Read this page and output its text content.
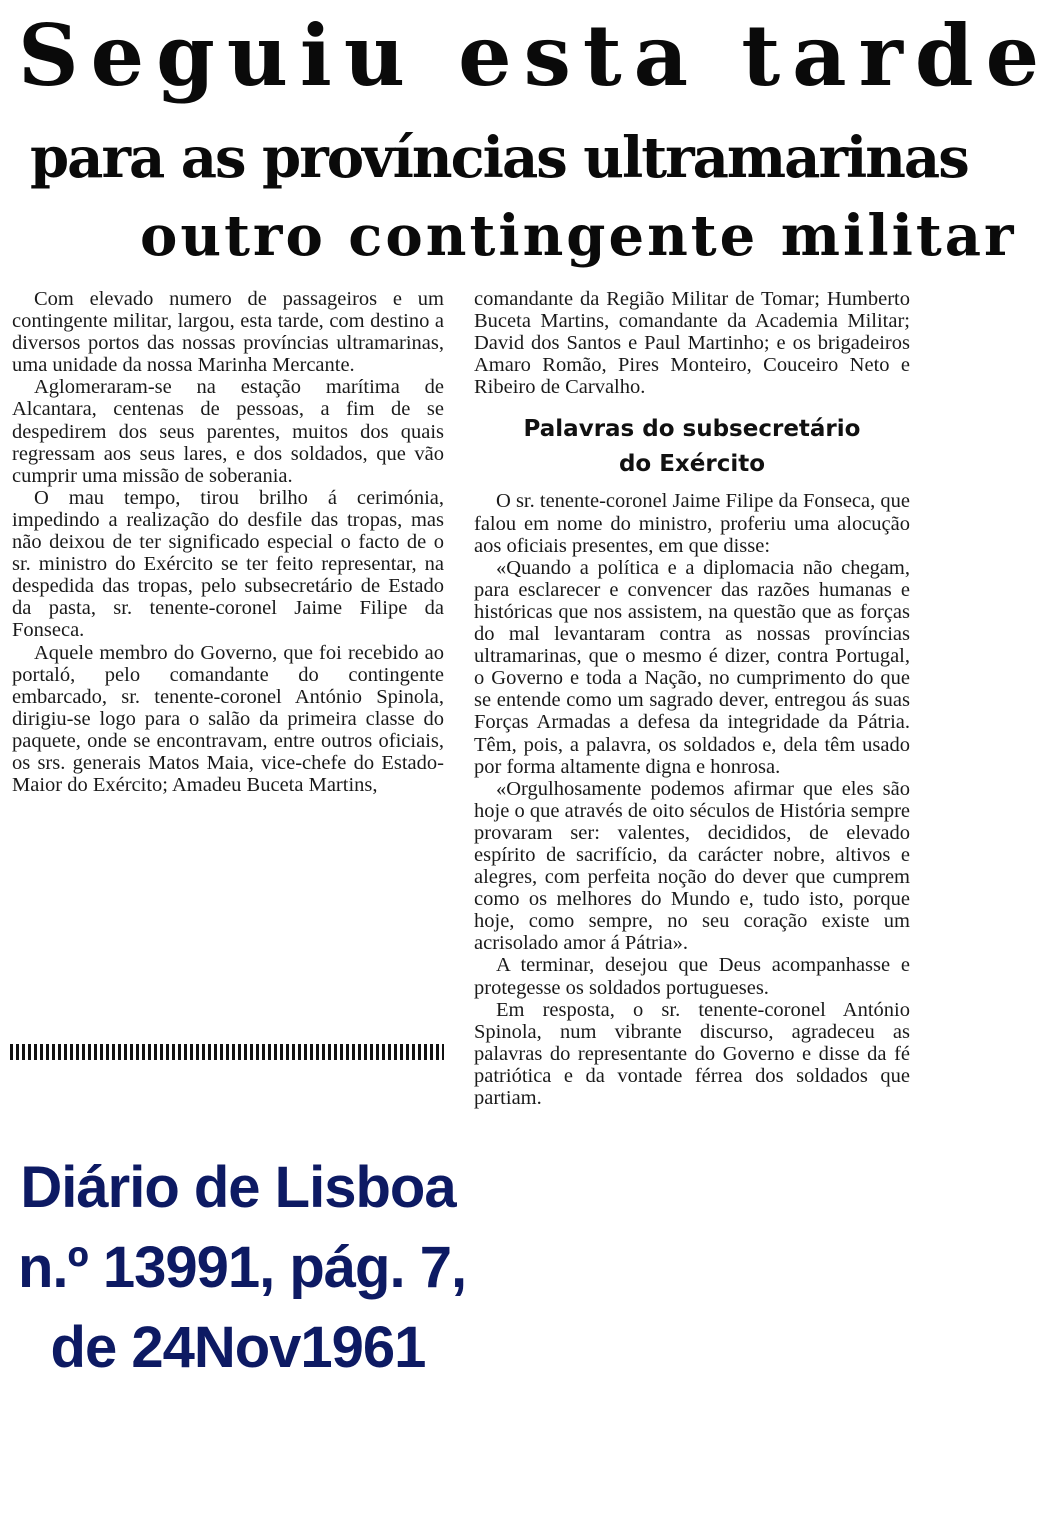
Seguiu esta tarde
para as províncias ultramarinas
outro contingente militar

Com elevado numero de passageiros e um contingente militar, largou, esta tarde, com destino a diversos portos das nossas províncias ultramarinas, uma unidade da nossa Marinha Mercante.

Aglomeraram-se na estação marítima de Alcantara, centenas de pessoas, a fim de se despedirem dos seus parentes, muitos dos quais regressam aos seus lares, e dos soldados, que vão cumprir uma missão de soberania.

O mau tempo, tirou brilho á cerimónia, impedindo a realização do desfile das tropas, mas não deixou de ter significado especial o facto de o sr. ministro do Exército se ter feito representar, na despedida das tropas, pelo subsecretário de Estado da pasta, sr. tenente-coronel Jaime Filipe da Fonseca.

Aquele membro do Governo, que foi recebido ao portaló, pelo comandante do contingente embarcado, sr. tenente-coronel António Spinola, dirigiu-se logo para o salão da primeira classe do paquete, onde se encontravam, entre outros oficiais, os srs. generais Matos Maia, vice-chefe do Estado-Maior do Exército; Amadeu Buceta Martins,

Diário de Lisboa
n.º 13991, pág. 7,
de 24Nov1961

comandante da Região Militar de Tomar; Humberto Buceta Martins, comandante da Academia Militar; David dos Santos e Paul Martinho; e os brigadeiros Amaro Romão, Pires Monteiro, Couceiro Neto e Ribeiro de Carvalho.

Palavras do subsecretário
do Exército

O sr. tenente-coronel Jaime Filipe da Fonseca, que falou em nome do ministro, proferiu uma alocução aos oficiais presentes, em que disse:

«Quando a política e a diplomacia não chegam, para esclarecer e convencer das razões humanas e históricas que nos assistem, na questão que as forças do mal levantaram contra as nossas províncias ultramarinas, que o mesmo é dizer, contra Portugal, o Governo e toda a Nação, no cumprimento do que se entende como um sagrado dever, entregou ás suas Forças Armadas a defesa da integridade da Pátria. Têm, pois, a palavra, os soldados e, dela têm usado por forma altamente digna e honrosa.

«Orgulhosamente podemos afirmar que eles são hoje o que através de oito séculos de História sempre provaram ser: valentes, decididos, de elevado espírito de sacrifício, da carácter nobre, altivos e alegres, com perfeita noção do dever que cumprem como os melhores do Mundo e, tudo isto, porque hoje, como sempre, no seu coração existe um acrisolado amor á Pátria».

A terminar, desejou que Deus acompanhasse e protegesse os soldados portugueses.

Em resposta, o sr. tenente-coronel António Spinola, num vibrante discurso, agradeceu as palavras do representante do Governo e disse da fé patriótica e da vontade férrea dos soldados que partiam.
